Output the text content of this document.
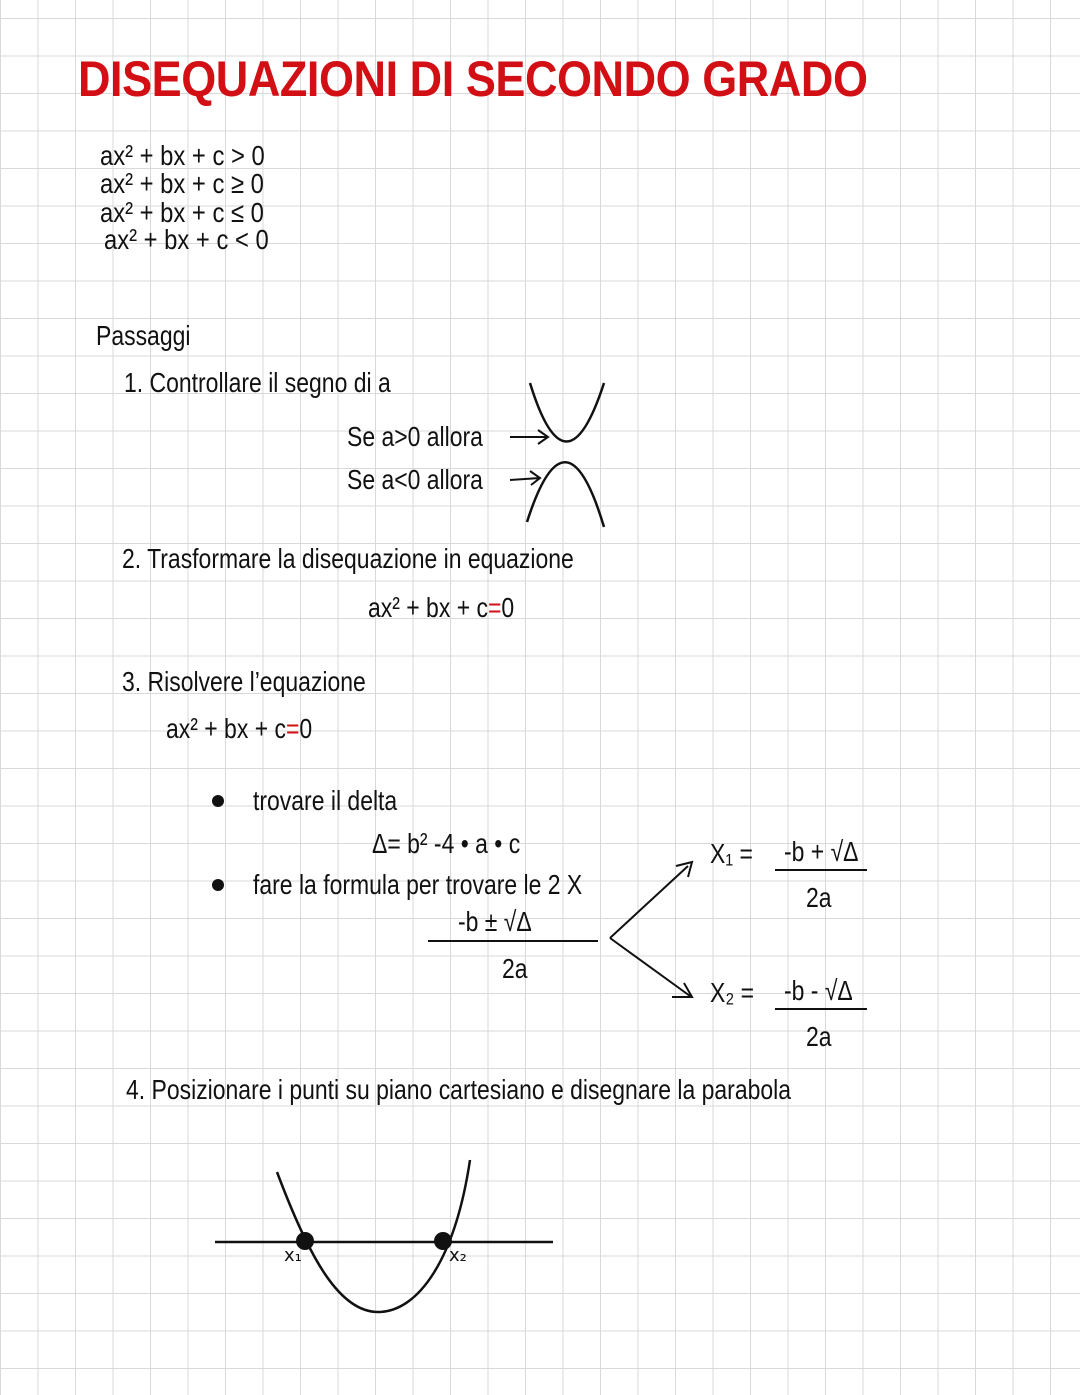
DISEQUAZIONI DI SECONDO GRADO
ax² + bx + c > 0
ax² + bx + c ≥ 0
ax² + bx + c ≤ 0
ax² + bx + c < 0
Passaggi
1. Controllare il segno di a
Se a>0 allora
Se a<0 allora
2. Trasformare la disequazione in equazione
ax² + bx + c=0
3. Risolvere l’equazione
ax² + bx + c=0
trovare il delta
Δ= b² -4 • a • c
fare la formula per trovare le 2 X
-b ± √Δ
2a
X₁ = -b + √Δ
2a
X₂ = -b - √Δ
2a
4. Posizionare i punti su piano cartesiano e disegnare la parabola
x₁	x₂
